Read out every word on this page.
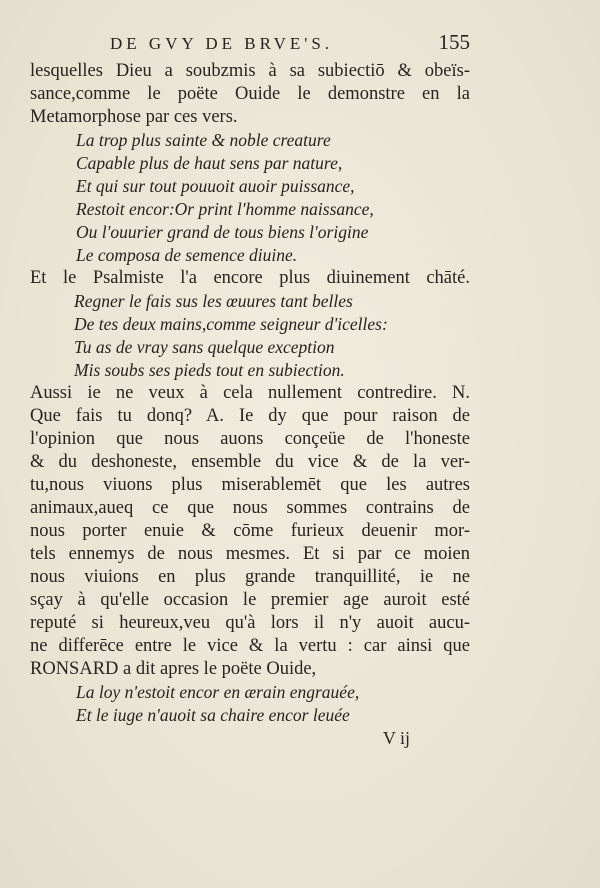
DE GVY DE BRVE'S.	155
lesquelles Dieu a soubzmis à sa subiectiō & obeïs-
sance,comme le poëte Ouide le demonstre en la
Metamorphose par ces vers.
La trop plus sainte & noble creature
Capable plus de haut sens par nature,
Et qui sur tout pouuoit auoir puissance,
Restoit encor:Or print l'homme naissance,
Ou l'ouurier grand de tous biens l'origine
Le composa de semence diuine.
Et le Psalmiste l'a encore plus diuinement chāté.
Regner le fais sus les œuures tant belles
De tes deux mains,comme seigneur d'icelles:
Tu as de vray sans quelque exception
Mis soubs ses pieds tout en subiection.
Aussi ie ne veux à cela nullement contredire. N.
Que fais tu donq? A. Ie dy que pour raison de
l'opinion que nous auons conçeüe de l'honeste
& du deshoneste, ensemble du vice & de la ver-
tu,nous viuons plus miserablemēt que les autres
animaux,aueq ce que nous sommes contrains de
nous porter enuie & cōme furieux deuenir mor-
tels ennemys de nous mesmes. Et si par ce moien
nous viuions en plus grande tranquillité, ie ne
sçay à qu'elle occasion le premier age auroit esté
reputé si heureux,veu qu'à lors il n'y auoit aucu-
ne differēce entre le vice & la vertu : car ainsi que
RONSARD a dit apres le poëte Ouide,
La loy n'estoit encor en ærain engrauée,
Et le iuge n'auoit sa chaire encor leuée
V ij
